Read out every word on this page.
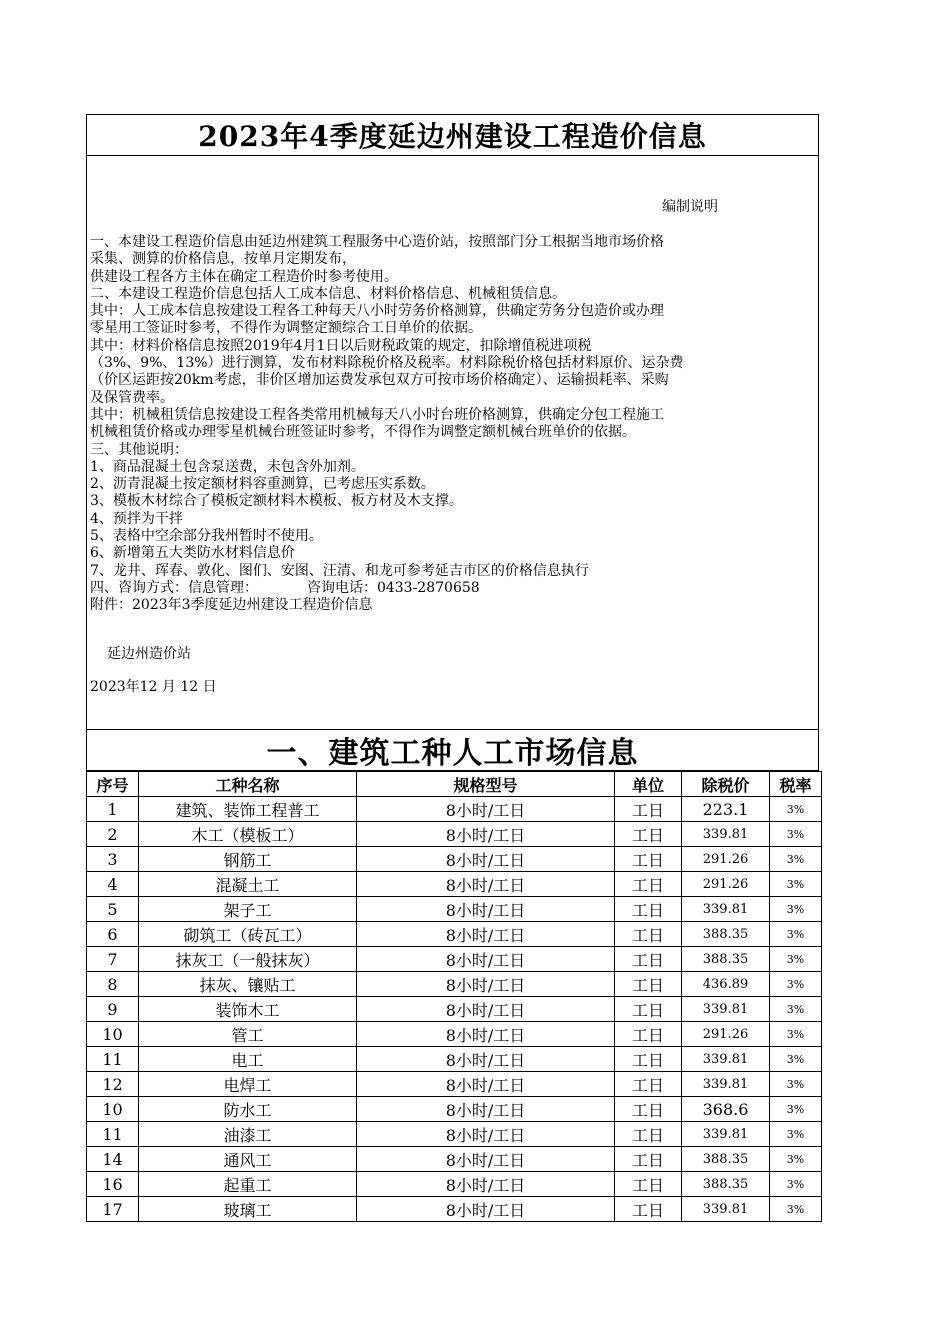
2023年4季度延边州建设工程造价信息
编制说明
一、本建设工程造价信息由延边州建筑工程服务中心造价站，按照部门分工根据当地市场价格
采集、测算的价格信息，按单月定期发布，
供建设工程各方主体在确定工程造价时参考使用。
二、本建设工程造价信息包括人工成本信息、材料价格信息、机械租赁信息。
其中：人工成本信息按建设工程各工种每天八小时劳务价格测算，供确定劳务分包造价或办理
零星用工签证时参考，不得作为调整定额综合工日单价的依据。
其中：材料价格信息按照2019年4月1日以后财税政策的规定，扣除增值税进项税
（3%、9%、13%）进行测算，发布材料除税价格及税率。材料除税价格包括材料原价、运杂费
（价区运距按20km考虑，非价区增加运费发承包双方可按市场价格确定）、运输损耗率、采购
及保管费率。
其中：机械租赁信息按建设工程各类常用机械每天八小时台班价格测算，供确定分包工程施工
机械租赁价格或办理零星机械台班签证时参考，不得作为调整定额机械台班单价的依据。
三、其他说明：
1、商品混凝土包含泵送费，未包含外加剂。
2、沥青混凝土按定额材料容重测算，已考虑压实系数。
3、模板木材综合了模板定额材料木模板、板方材及木支撑。
4、预拌为干拌
5、表格中空余部分我州暂时不使用。
6、新增第五大类防水材料信息价
7、龙井、珲春、敦化、图们、安图、汪清、和龙可参考延吉市区的价格信息执行
四、咨询方式：信息管理：           咨询电话：0433-2870658
附件：2023年3季度延边州建设工程造价信息
延边州造价站
2023年12 月 12 日
一、建筑工种人工市场信息
序号	工种名称	规格型号	单位	除税价	税率
1	建筑、装饰工程普工	8小时/工日	工日	223.1	3%
2	木工（模板工）	8小时/工日	工日	339.81	3%
3	钢筋工	8小时/工日	工日	291.26	3%
4	混凝土工	8小时/工日	工日	291.26	3%
5	架子工	8小时/工日	工日	339.81	3%
6	砌筑工（砖瓦工）	8小时/工日	工日	388.35	3%
7	抹灰工（一般抹灰）	8小时/工日	工日	388.35	3%
8	抹灰、镶贴工	8小时/工日	工日	436.89	3%
9	装饰木工	8小时/工日	工日	339.81	3%
10	管工	8小时/工日	工日	291.26	3%
11	电工	8小时/工日	工日	339.81	3%
12	电焊工	8小时/工日	工日	339.81	3%
10	防水工	8小时/工日	工日	368.6	3%
11	油漆工	8小时/工日	工日	339.81	3%
14	通风工	8小时/工日	工日	388.35	3%
16	起重工	8小时/工日	工日	388.35	3%
17	玻璃工	8小时/工日	工日	339.81	3%
